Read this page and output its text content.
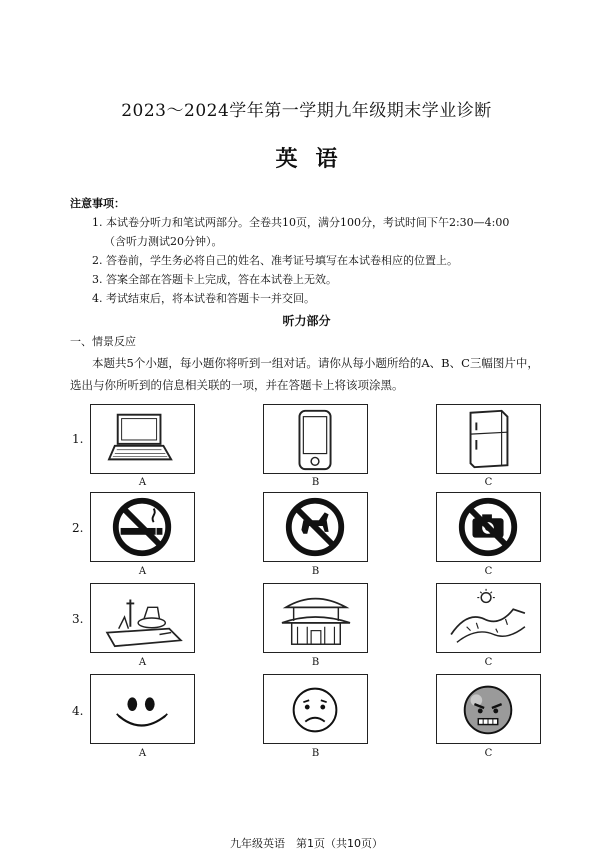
2023～2024学年第一学期九年级期末学业诊断
英语
注意事项：
1. 本试卷分听力和笔试两部分。全卷共10页，满分100分，考试时间下午2:30—4:00
（含听力测试20分钟）。
2. 答卷前，学生务必将自己的姓名、准考证号填写在本试卷相应的位置上。
3. 答案全部在答题卡上完成，答在本试卷上无效。
4. 考试结束后，将本试卷和答题卡一并交回。
听力部分
一、情景反应
本题共5个小题，每小题你将听到一组对话。请你从每小题所给的A、B、C三幅图片中，
选出与你所听到的信息相关联的一项，并在答题卡上将该项涂黑。
1.
A	B	C
2.
A	B	C
3.
A	B	C
4.
A	B	C
九年级英语　第1页（共10页）
